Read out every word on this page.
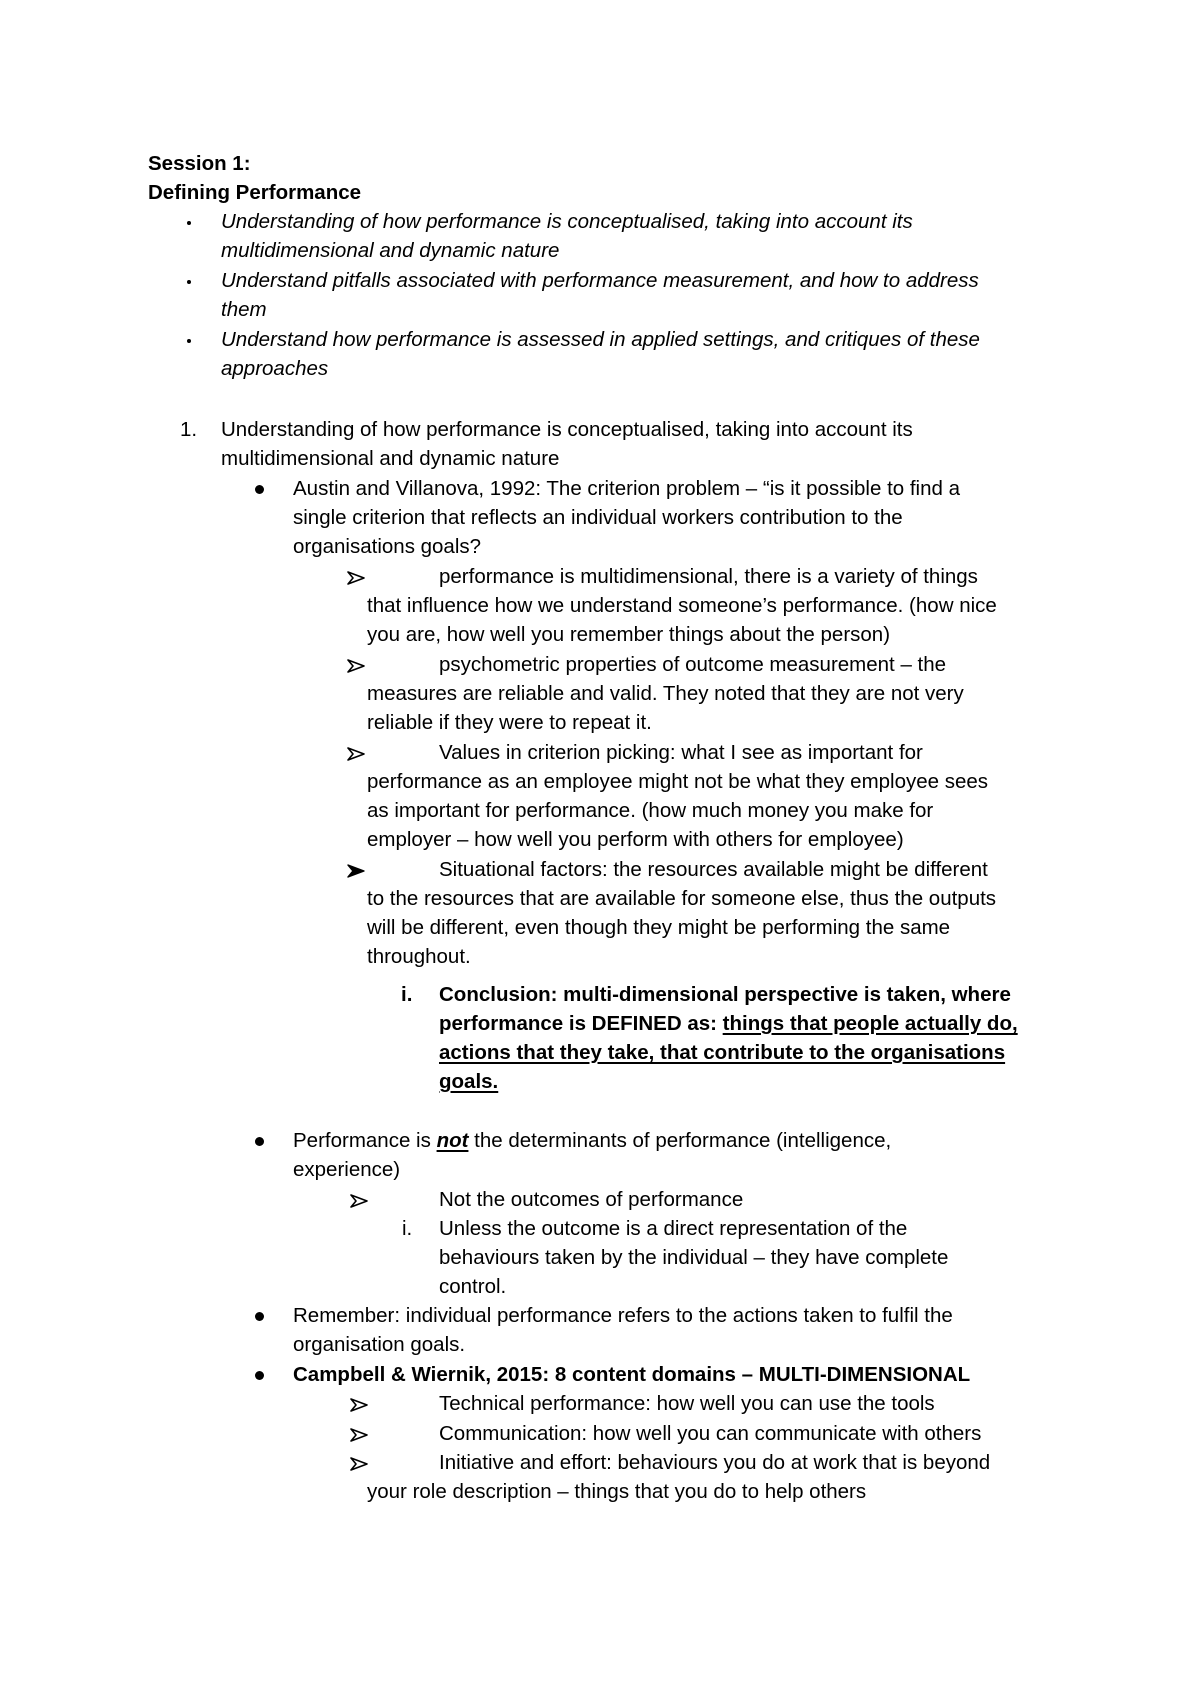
Session 1:
Defining Performance
Understanding of how performance is conceptualised, taking into account its
multidimensional and dynamic nature
Understand pitfalls associated with performance measurement, and how to address
them
Understand how performance is assessed in applied settings, and critiques of these
approaches
1. Understanding of how performance is conceptualised, taking into account its
multidimensional and dynamic nature
Austin and Villanova, 1992: The criterion problem – “is it possible to find a
single criterion that reflects an individual workers contribution to the
organisations goals?
performance is multidimensional, there is a variety of things
that influence how we understand someone’s performance. (how nice
you are, how well you remember things about the person)
psychometric properties of outcome measurement – the
measures are reliable and valid. They noted that they are not very
reliable if they were to repeat it.
Values in criterion picking: what I see as important for
performance as an employee might not be what they employee sees
as important for performance. (how much money you make for
employer – how well you perform with others for employee)
Situational factors: the resources available might be different
to the resources that are available for someone else, thus the outputs
will be different, even though they might be performing the same
throughout.
i. Conclusion: multi-dimensional perspective is taken, where
performance is DEFINED as: things that people actually do,
actions that they take, that contribute to the organisations
goals.
Performance is not the determinants of performance (intelligence,
experience)
Not the outcomes of performance
i. Unless the outcome is a direct representation of the
behaviours taken by the individual – they have complete
control.
Remember: individual performance refers to the actions taken to fulfil the
organisation goals.
Campbell & Wiernik, 2015: 8 content domains – MULTI-DIMENSIONAL
Technical performance: how well you can use the tools
Communication: how well you can communicate with others
Initiative and effort: behaviours you do at work that is beyond
your role description – things that you do to help others
